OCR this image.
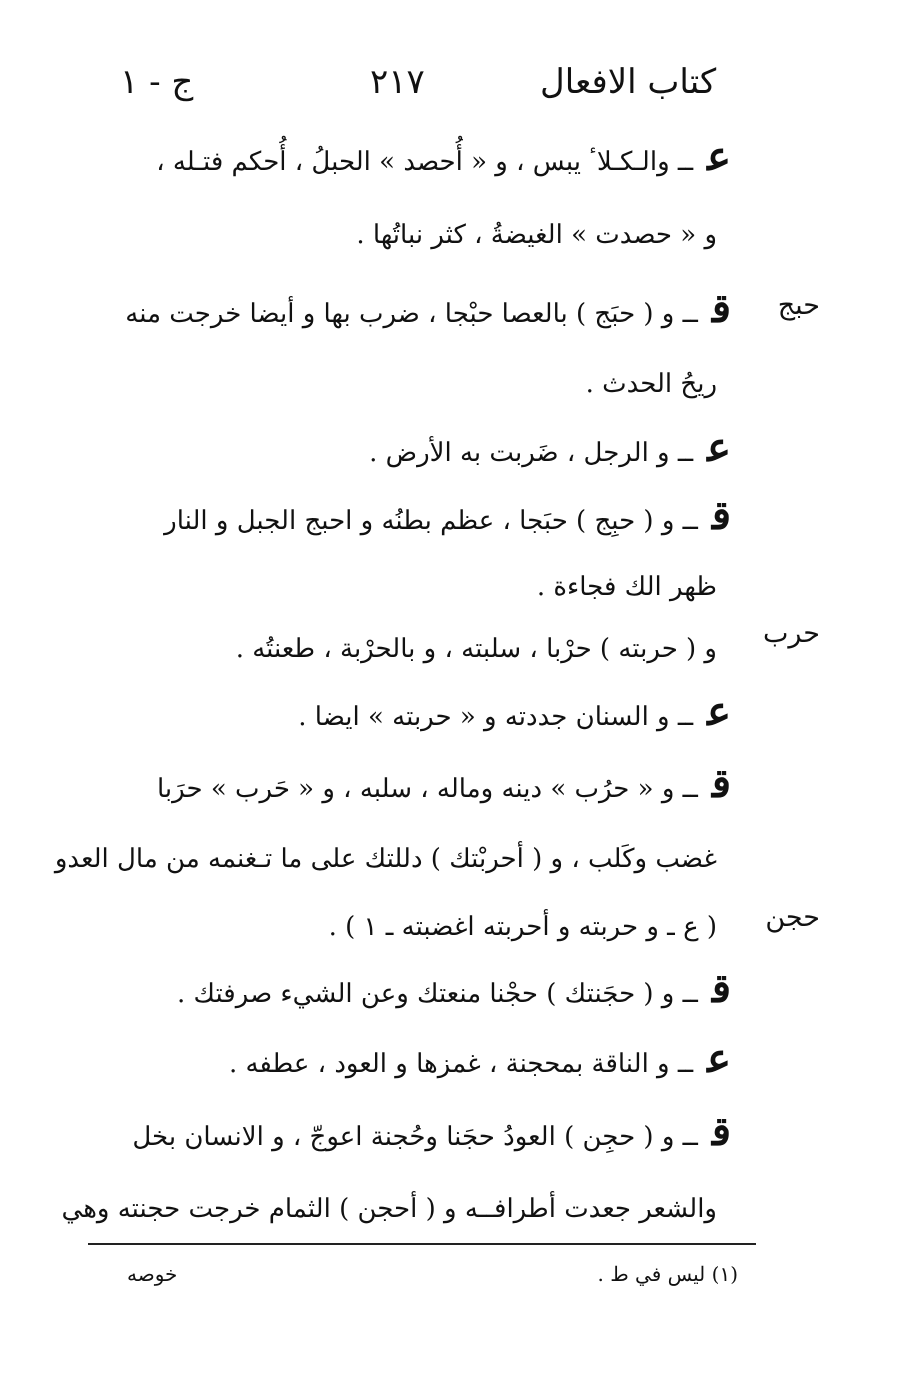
ج - ١	٢١٧	كتاب الافعال
حبج
حرب
حجن
عــ والـكـلاٴ يبس ، و « أُحصد » الحبلُ ، أُحكم فتـله ،
و « حصدت » الغيضةُ ، كثر نباتُها .
قــ و ( حبَج ) بالعصا حبْجا ، ضرب بها و أيضا خرجت منه
ريحُ الحدث .
عــ و الرجل ، ضَربت به الأرض .
قــ و ( حبِج ) حبَجا ، عظم بطنُه و احبج الجبل و النار
ظهر الك فجاءة .
و ( حربته ) حرْبا ، سلبته ، و بالحرْبة ، طعنتُه .
عــ و السنان جددته و « حربته » ايضا .
قــ و « حرُب » دينه وماله ، سلبه ، و « حَرب » حرَبا
غضب وكَلب ، و ( أحربْتك ) دللتك على ما تـغنمه من مال العدو
( ع ـ و حربته و أحربته اغضبته ـ ١ ) .
قــ و ( حجَنتك ) حجْنا منعتك وعن الشيء صرفتك .
عــ و الناقة بمحجنة ، غمزها و العود ، عطفه .
قــ و ( حجِن ) العودُ حجَنا وحُجنة اعوجّ ، و الانسان بخل
والشعر جعدت أطرافــه و ( أحجن ) الثمام خرجت حجنته وهي
(١) ليس في ط .
خوصه
